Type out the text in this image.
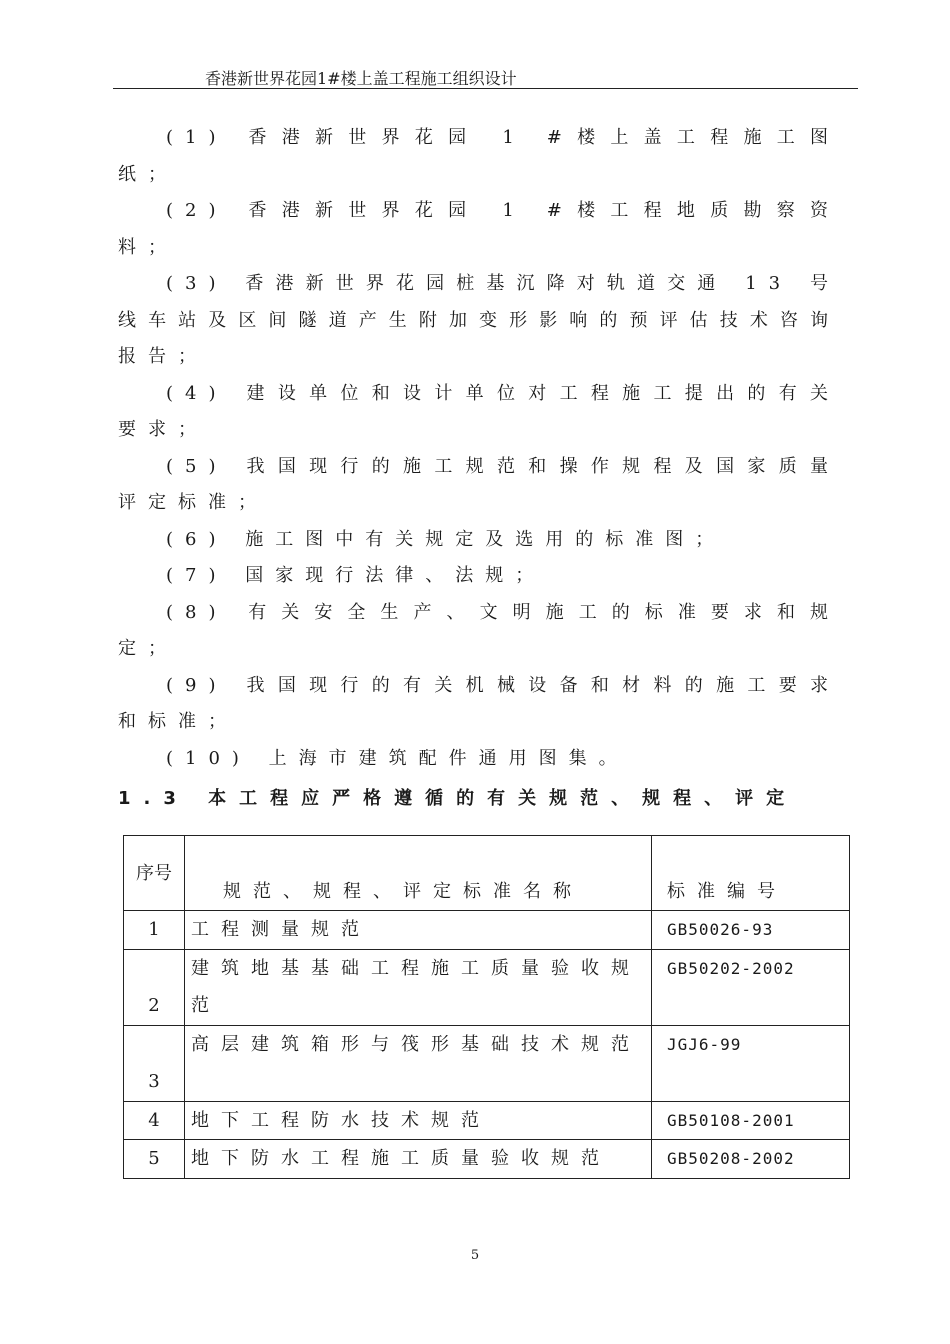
香港新世界花园1#楼上盖工程施工组织设计

(1) 香港新世界花园 1 #楼上盖工程施工图纸；

(2) 香港新世界花园 1 #楼工程地质勘察资料；

(3) 香港新世界花园桩基沉降对轨道交通 13 号线车站及区间隧道产生附加变形影响的预评估技术咨询报告；

(4) 建设单位和设计单位对工程施工提出的有关要求；

(5) 我国现行的施工规范和操作规程及国家质量评定标准；

(6) 施工图中有关规定及选用的标准图；

(7) 国家现行法律、法规；

(8) 有关安全生产、文明施工的标准要求和规定；

(9) 我国现行的有关机械设备和材料的施工要求和标准；

(10) 上海市建筑配件通用图集。

1.3 本工程应严格遵循的有关规范、规程、评定
序号	规范、规程、评定标准名称	标准编号
1	工程测量规范	GB50026-93
2	建筑地基基础工程施工质量验收规范	GB50202-2002
3	高层建筑箱形与筏形基础技术规范	JGJ6-99
4	地下工程防水技术规范	GB50108-2001
5	地下防水工程施工质量验收规范	GB50208-2002
5
